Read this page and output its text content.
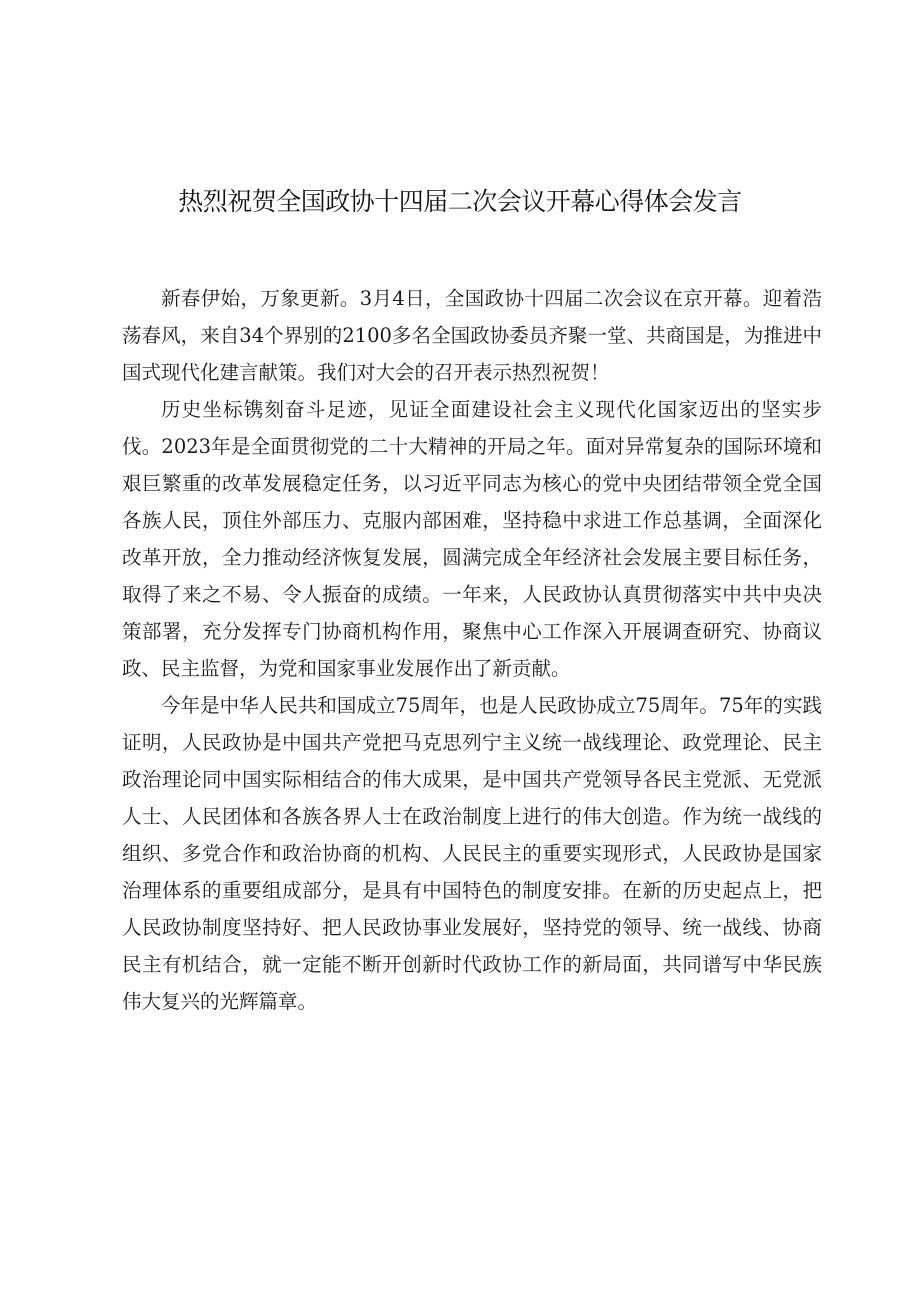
热烈祝贺全国政协十四届二次会议开幕心得体会发言

新春伊始，万象更新。3月4日，全国政协十四届二次会议在京开幕。迎着浩荡春风，来自34个界别的2100多名全国政协委员齐聚一堂、共商国是，为推进中国式现代化建言献策。我们对大会的召开表示热烈祝贺！

历史坐标镌刻奋斗足迹，见证全面建设社会主义现代化国家迈出的坚实步伐。2023年是全面贯彻党的二十大精神的开局之年。面对异常复杂的国际环境和艰巨繁重的改革发展稳定任务，以习近平同志为核心的党中央团结带领全党全国各族人民，顶住外部压力、克服内部困难，坚持稳中求进工作总基调，全面深化改革开放，全力推动经济恢复发展，圆满完成全年经济社会发展主要目标任务，取得了来之不易、令人振奋的成绩。一年来，人民政协认真贯彻落实中共中央决策部署，充分发挥专门协商机构作用，聚焦中心工作深入开展调查研究、协商议政、民主监督，为党和国家事业发展作出了新贡献。

今年是中华人民共和国成立75周年，也是人民政协成立75周年。75年的实践证明，人民政协是中国共产党把马克思列宁主义统一战线理论、政党理论、民主政治理论同中国实际相结合的伟大成果，是中国共产党领导各民主党派、无党派人士、人民团体和各族各界人士在政治制度上进行的伟大创造。作为统一战线的组织、多党合作和政治协商的机构、人民民主的重要实现形式，人民政协是国家治理体系的重要组成部分，是具有中国特色的制度安排。在新的历史起点上，把人民政协制度坚持好、把人民政协事业发展好，坚持党的领导、统一战线、协商民主有机结合，就一定能不断开创新时代政协工作的新局面，共同谱写中华民族伟大复兴的光辉篇章。
